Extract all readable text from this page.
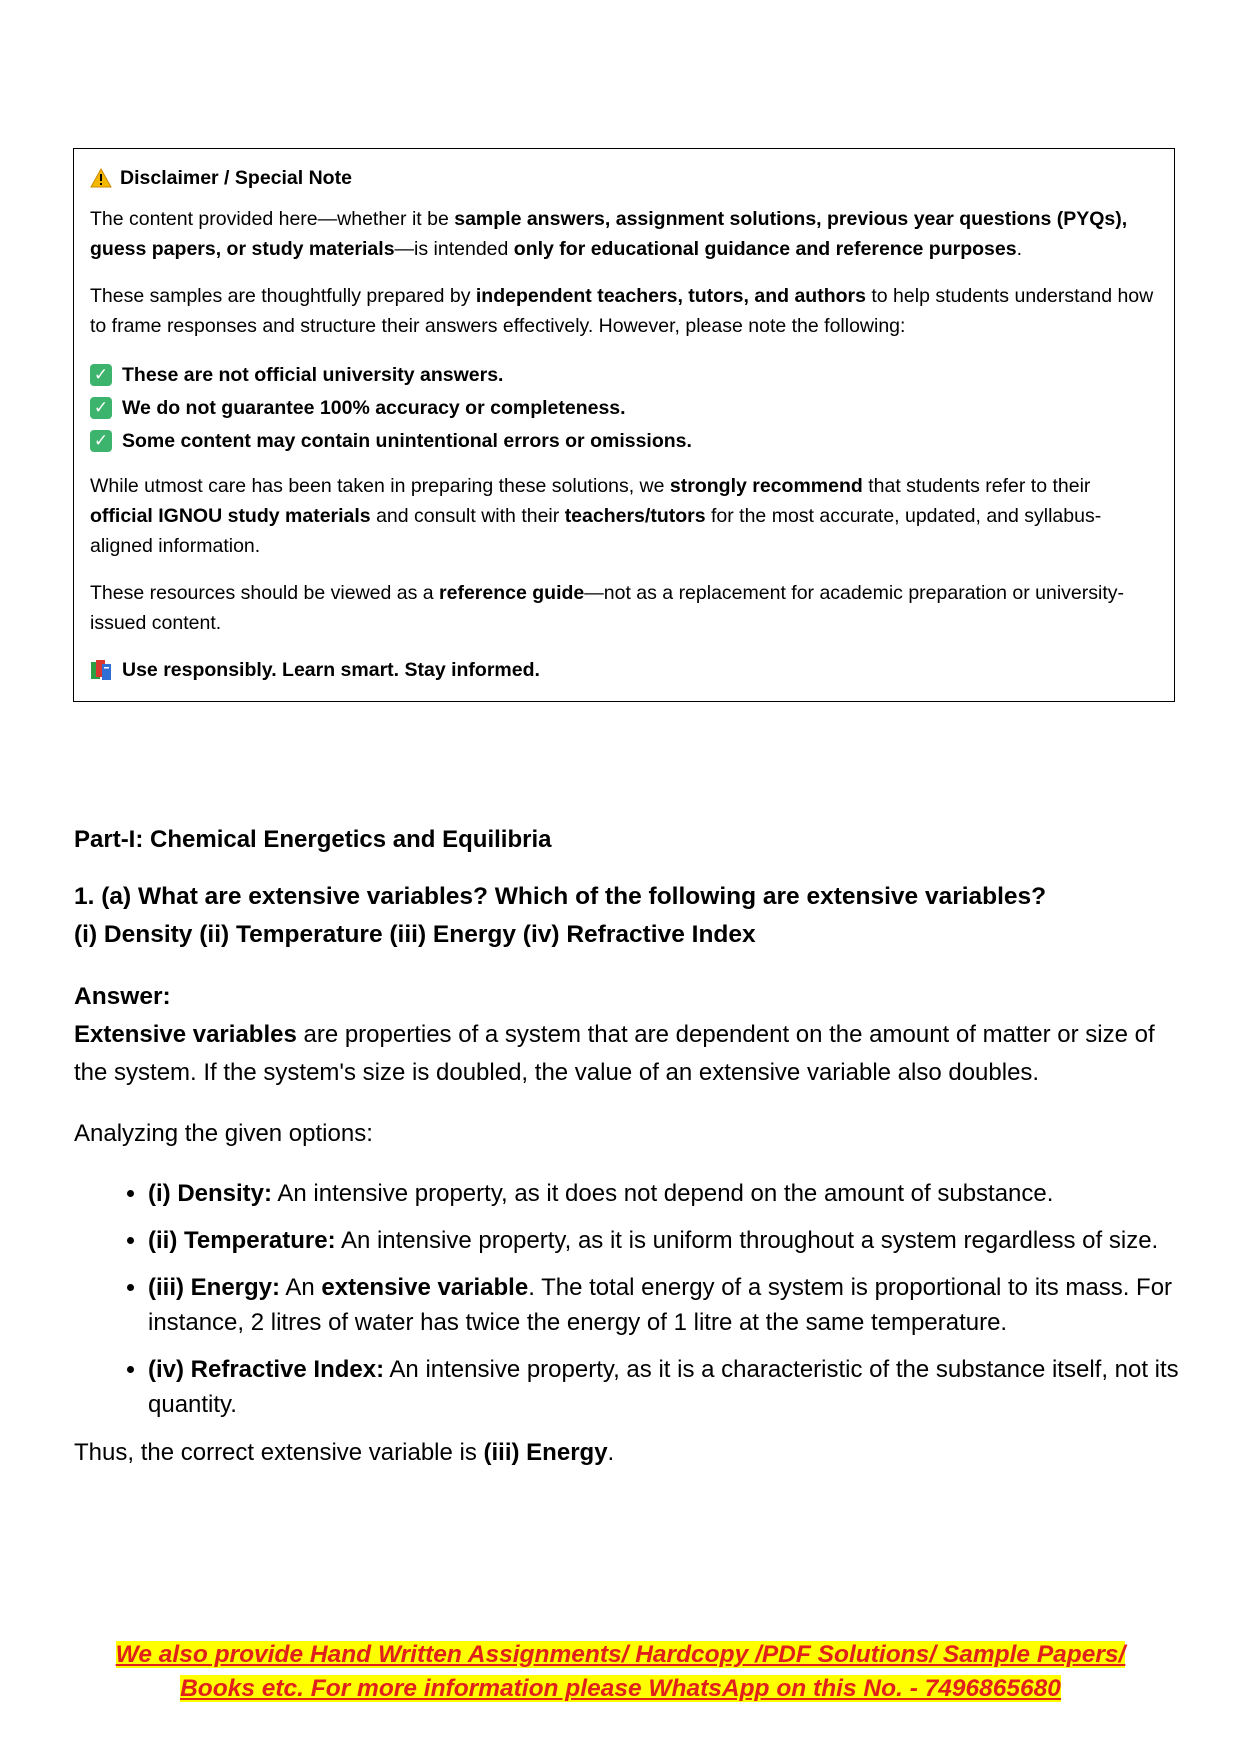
Disclaimer / Special Note

The content provided here—whether it be sample answers, assignment solutions, previous year questions (PYQs), guess papers, or study materials—is intended only for educational guidance and reference purposes.

These samples are thoughtfully prepared by independent teachers, tutors, and authors to help students understand how to frame responses and structure their answers effectively. However, please note the following:

✓ These are not official university answers.
✓ We do not guarantee 100% accuracy or completeness.
✓ Some content may contain unintentional errors or omissions.

While utmost care has been taken in preparing these solutions, we strongly recommend that students refer to their official IGNOU study materials and consult with their teachers/tutors for the most accurate, updated, and syllabus-aligned information.

These resources should be viewed as a reference guide—not as a replacement for academic preparation or university-issued content.

Use responsibly. Learn smart. Stay informed.

Part-I: Chemical Energetics and Equilibria

1. (a) What are extensive variables? Which of the following are extensive variables?
(i) Density (ii) Temperature (iii) Energy (iv) Refractive Index

Answer:

Extensive variables are properties of a system that are dependent on the amount of matter or size of the system. If the system's size is doubled, the value of an extensive variable also doubles.

Analyzing the given options:

• (i) Density: An intensive property, as it does not depend on the amount of substance.
• (ii) Temperature: An intensive property, as it is uniform throughout a system regardless of size.
• (iii) Energy: An extensive variable. The total energy of a system is proportional to its mass. For instance, 2 litres of water has twice the energy of 1 litre at the same temperature.
• (iv) Refractive Index: An intensive property, as it is a characteristic of the substance itself, not its quantity.

Thus, the correct extensive variable is (iii) Energy.

We also provide Hand Written Assignments/ Hardcopy /PDF Solutions/ Sample Papers/
Books etc. For more information please WhatsApp on this No. - 7496865680
